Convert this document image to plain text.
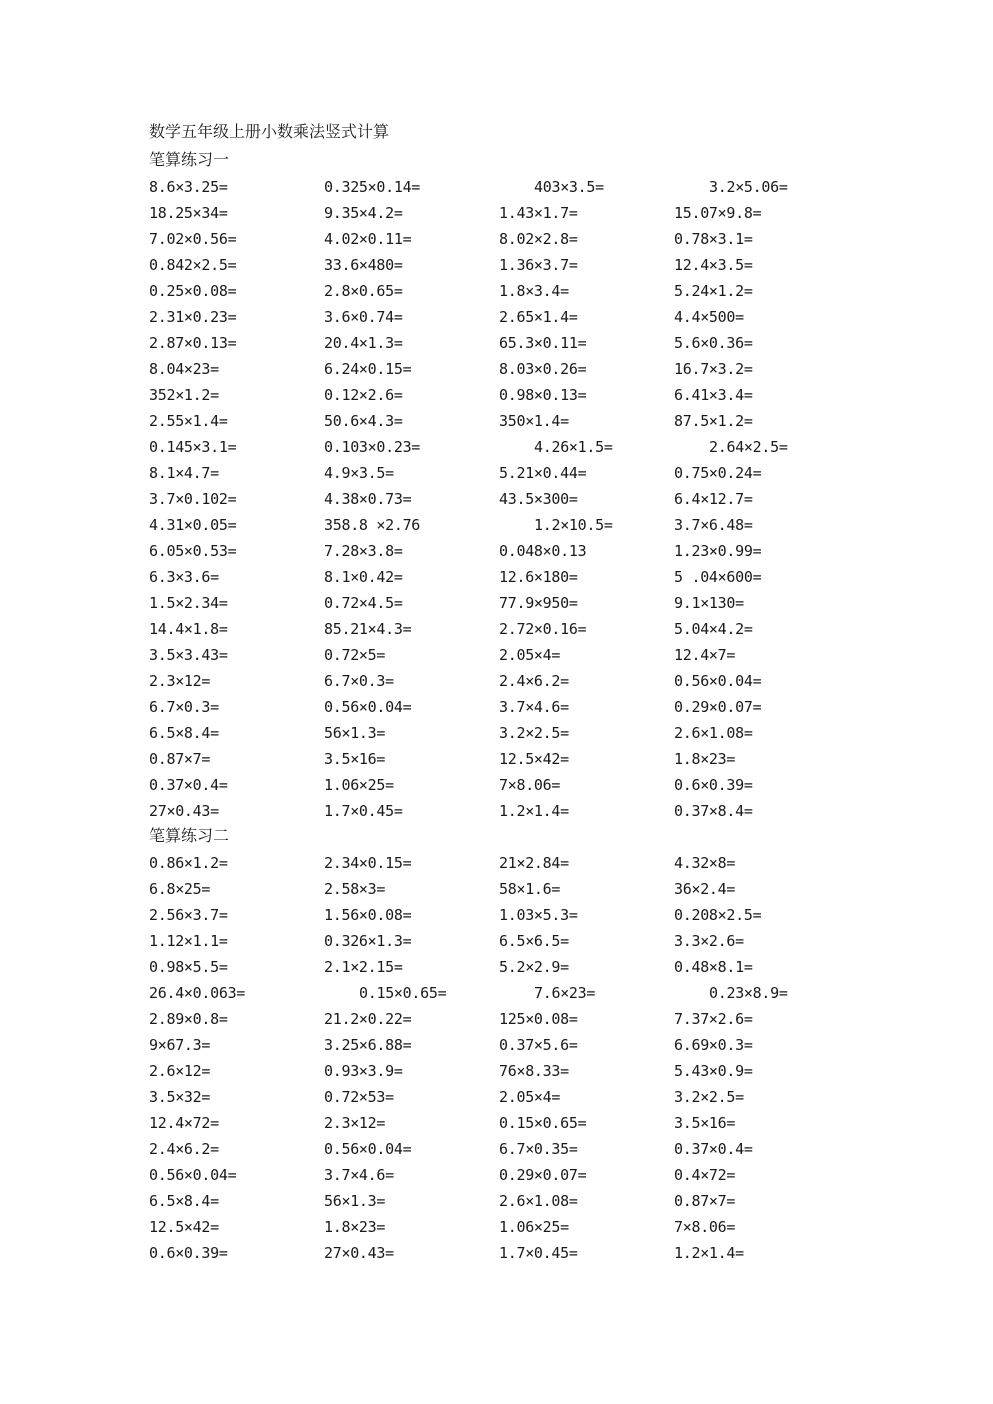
数学五年级上册小数乘法竖式计算
笔算练习一
8.6×3.25=	0.325×0.14=	403×3.5=	3.2×5.06=
18.25×34=	9.35×4.2=	1.43×1.7=	15.07×9.8=
7.02×0.56=	4.02×0.11=	8.02×2.8=	0.78×3.1=
0.842×2.5=	33.6×480=	1.36×3.7=	12.4×3.5=
0.25×0.08=	2.8×0.65=	1.8×3.4=	5.24×1.2=
2.31×0.23=	3.6×0.74=	2.65×1.4=	4.4×500=
2.87×0.13=	20.4×1.3=	65.3×0.11=	5.6×0.36=
8.04×23=	6.24×0.15=	8.03×0.26=	16.7×3.2=
352×1.2=	0.12×2.6=	0.98×0.13=	6.41×3.4=
2.55×1.4=	50.6×4.3=	350×1.4=	87.5×1.2=
0.145×3.1=	0.103×0.23=	4.26×1.5=	2.64×2.5=
8.1×4.7=	4.9×3.5=	5.21×0.44=	0.75×0.24=
3.7×0.102=	4.38×0.73=	43.5×300=	6.4×12.7=
4.31×0.05=	358.8 ×2.76	1.2×10.5=	3.7×6.48=
6.05×0.53=	7.28×3.8=	0.048×0.13	1.23×0.99=
6.3×3.6=	8.1×0.42=	12.6×180=	5 .04×600=
1.5×2.34=	0.72×4.5=	77.9×950=	9.1×130=
14.4×1.8=	85.21×4.3=	2.72×0.16=	5.04×4.2=
3.5×3.43=	0.72×5=	2.05×4=	12.4×7=
2.3×12=	6.7×0.3=	2.4×6.2=	0.56×0.04=
6.7×0.3=	0.56×0.04=	3.7×4.6=	0.29×0.07=
6.5×8.4=	56×1.3=	3.2×2.5=	2.6×1.08=
0.87×7=	3.5×16=	12.5×42=	1.8×23=
0.37×0.4=	1.06×25=	7×8.06=	0.6×0.39=
27×0.43=	1.7×0.45=	1.2×1.4=	0.37×8.4=
笔算练习二
0.86×1.2=	2.34×0.15=	21×2.84=	4.32×8=
6.8×25=	2.58×3=	58×1.6=	36×2.4=
2.56×3.7=	1.56×0.08=	1.03×5.3=	0.208×2.5=
1.12×1.1=	0.326×1.3=	6.5×6.5=	3.3×2.6=
0.98×5.5=	2.1×2.15=	5.2×2.9=	0.48×8.1=
26.4×0.063=	0.15×0.65=	7.6×23=	0.23×8.9=
2.89×0.8=	21.2×0.22=	125×0.08=	7.37×2.6=
9×67.3=	3.25×6.88=	0.37×5.6=	6.69×0.3=
2.6×12=	0.93×3.9=	76×8.33=	5.43×0.9=
3.5×32=	0.72×53=	2.05×4=	3.2×2.5=
12.4×72=	2.3×12=	0.15×0.65=	3.5×16=
2.4×6.2=	0.56×0.04=	6.7×0.35=	0.37×0.4=
0.56×0.04=	3.7×4.6=	0.29×0.07=	0.4×72=
6.5×8.4=	56×1.3=	2.6×1.08=	0.87×7=
12.5×42=	1.8×23=	1.06×25=	7×8.06=
0.6×0.39=	27×0.43=	1.7×0.45=	1.2×1.4=
